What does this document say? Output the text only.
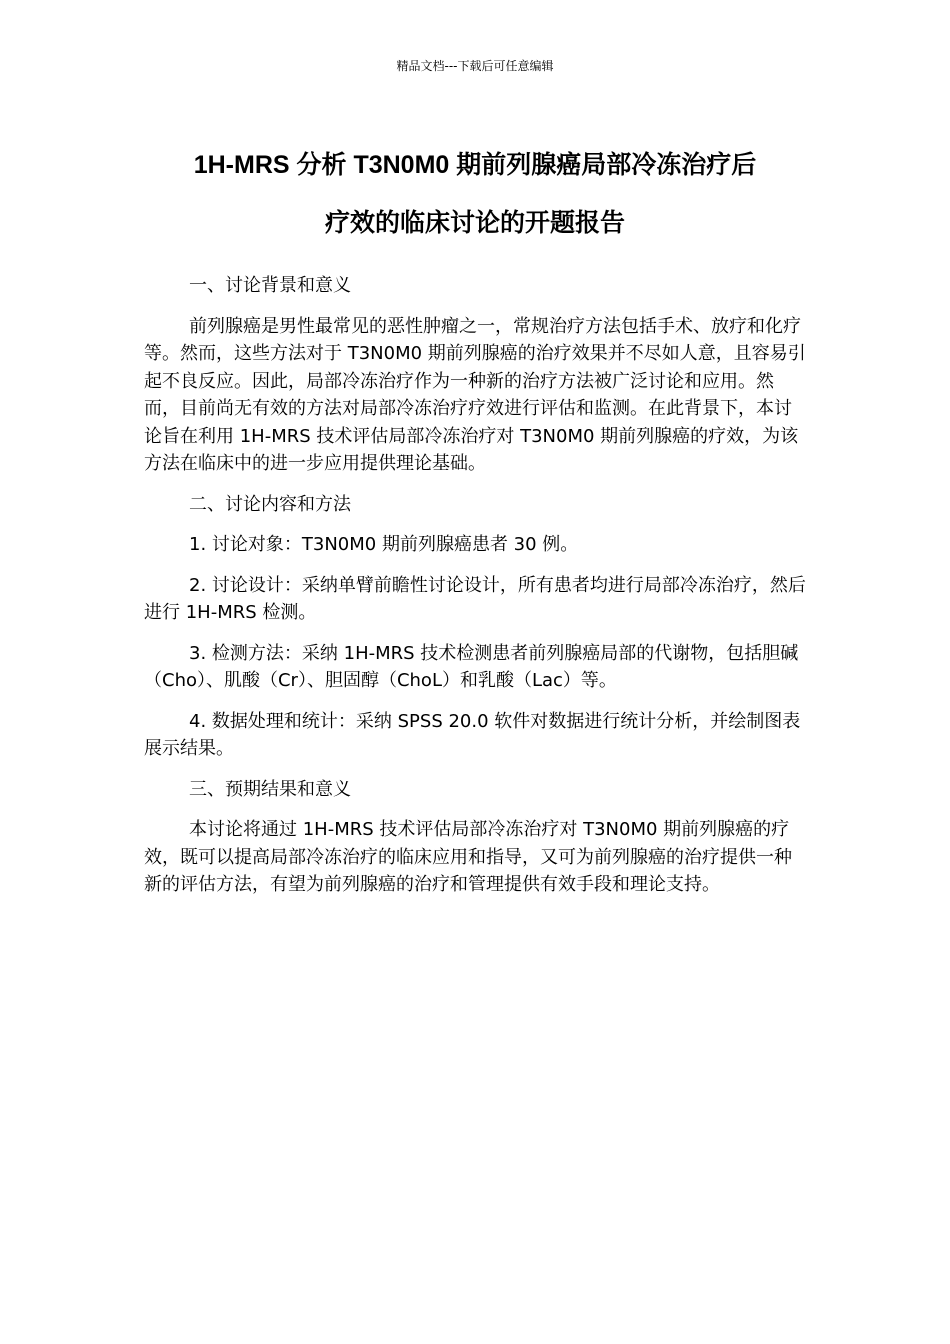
精品文档---下载后可任意编辑
1H-MRS 分析 T3N0M0 期前列腺癌局部冷冻治疗后
疗效的临床讨论的开题报告

一、讨论背景和意义

前列腺癌是男性最常见的恶性肿瘤之一，常规治疗方法包括手术、放疗和化疗等。然而，这些方法对于 T3N0M0 期前列腺癌的治疗效果并不尽如人意，且容易引起不良反应。因此，局部冷冻治疗作为一种新的治疗方法被广泛讨论和应用。然而，目前尚无有效的方法对局部冷冻治疗疗效进行评估和监测。在此背景下，本讨论旨在利用 1H-MRS 技术评估局部冷冻治疗对 T3N0M0 期前列腺癌的疗效，为该方法在临床中的进一步应用提供理论基础。

二、讨论内容和方法

1. 讨论对象：T3N0M0 期前列腺癌患者 30 例。

2. 讨论设计：采纳单臂前瞻性讨论设计，所有患者均进行局部冷冻治疗，然后进行 1H-MRS 检测。

3. 检测方法：采纳 1H-MRS 技术检测患者前列腺癌局部的代谢物，包括胆碱（Cho）、肌酸（Cr）、胆固醇（ChoL）和乳酸（Lac）等。

4. 数据处理和统计：采纳 SPSS 20.0 软件对数据进行统计分析，并绘制图表展示结果。

三、预期结果和意义

本讨论将通过 1H-MRS 技术评估局部冷冻治疗对 T3N0M0 期前列腺癌的疗效，既可以提高局部冷冻治疗的临床应用和指导，又可为前列腺癌的治疗提供一种新的评估方法，有望为前列腺癌的治疗和管理提供有效手段和理论支持。
